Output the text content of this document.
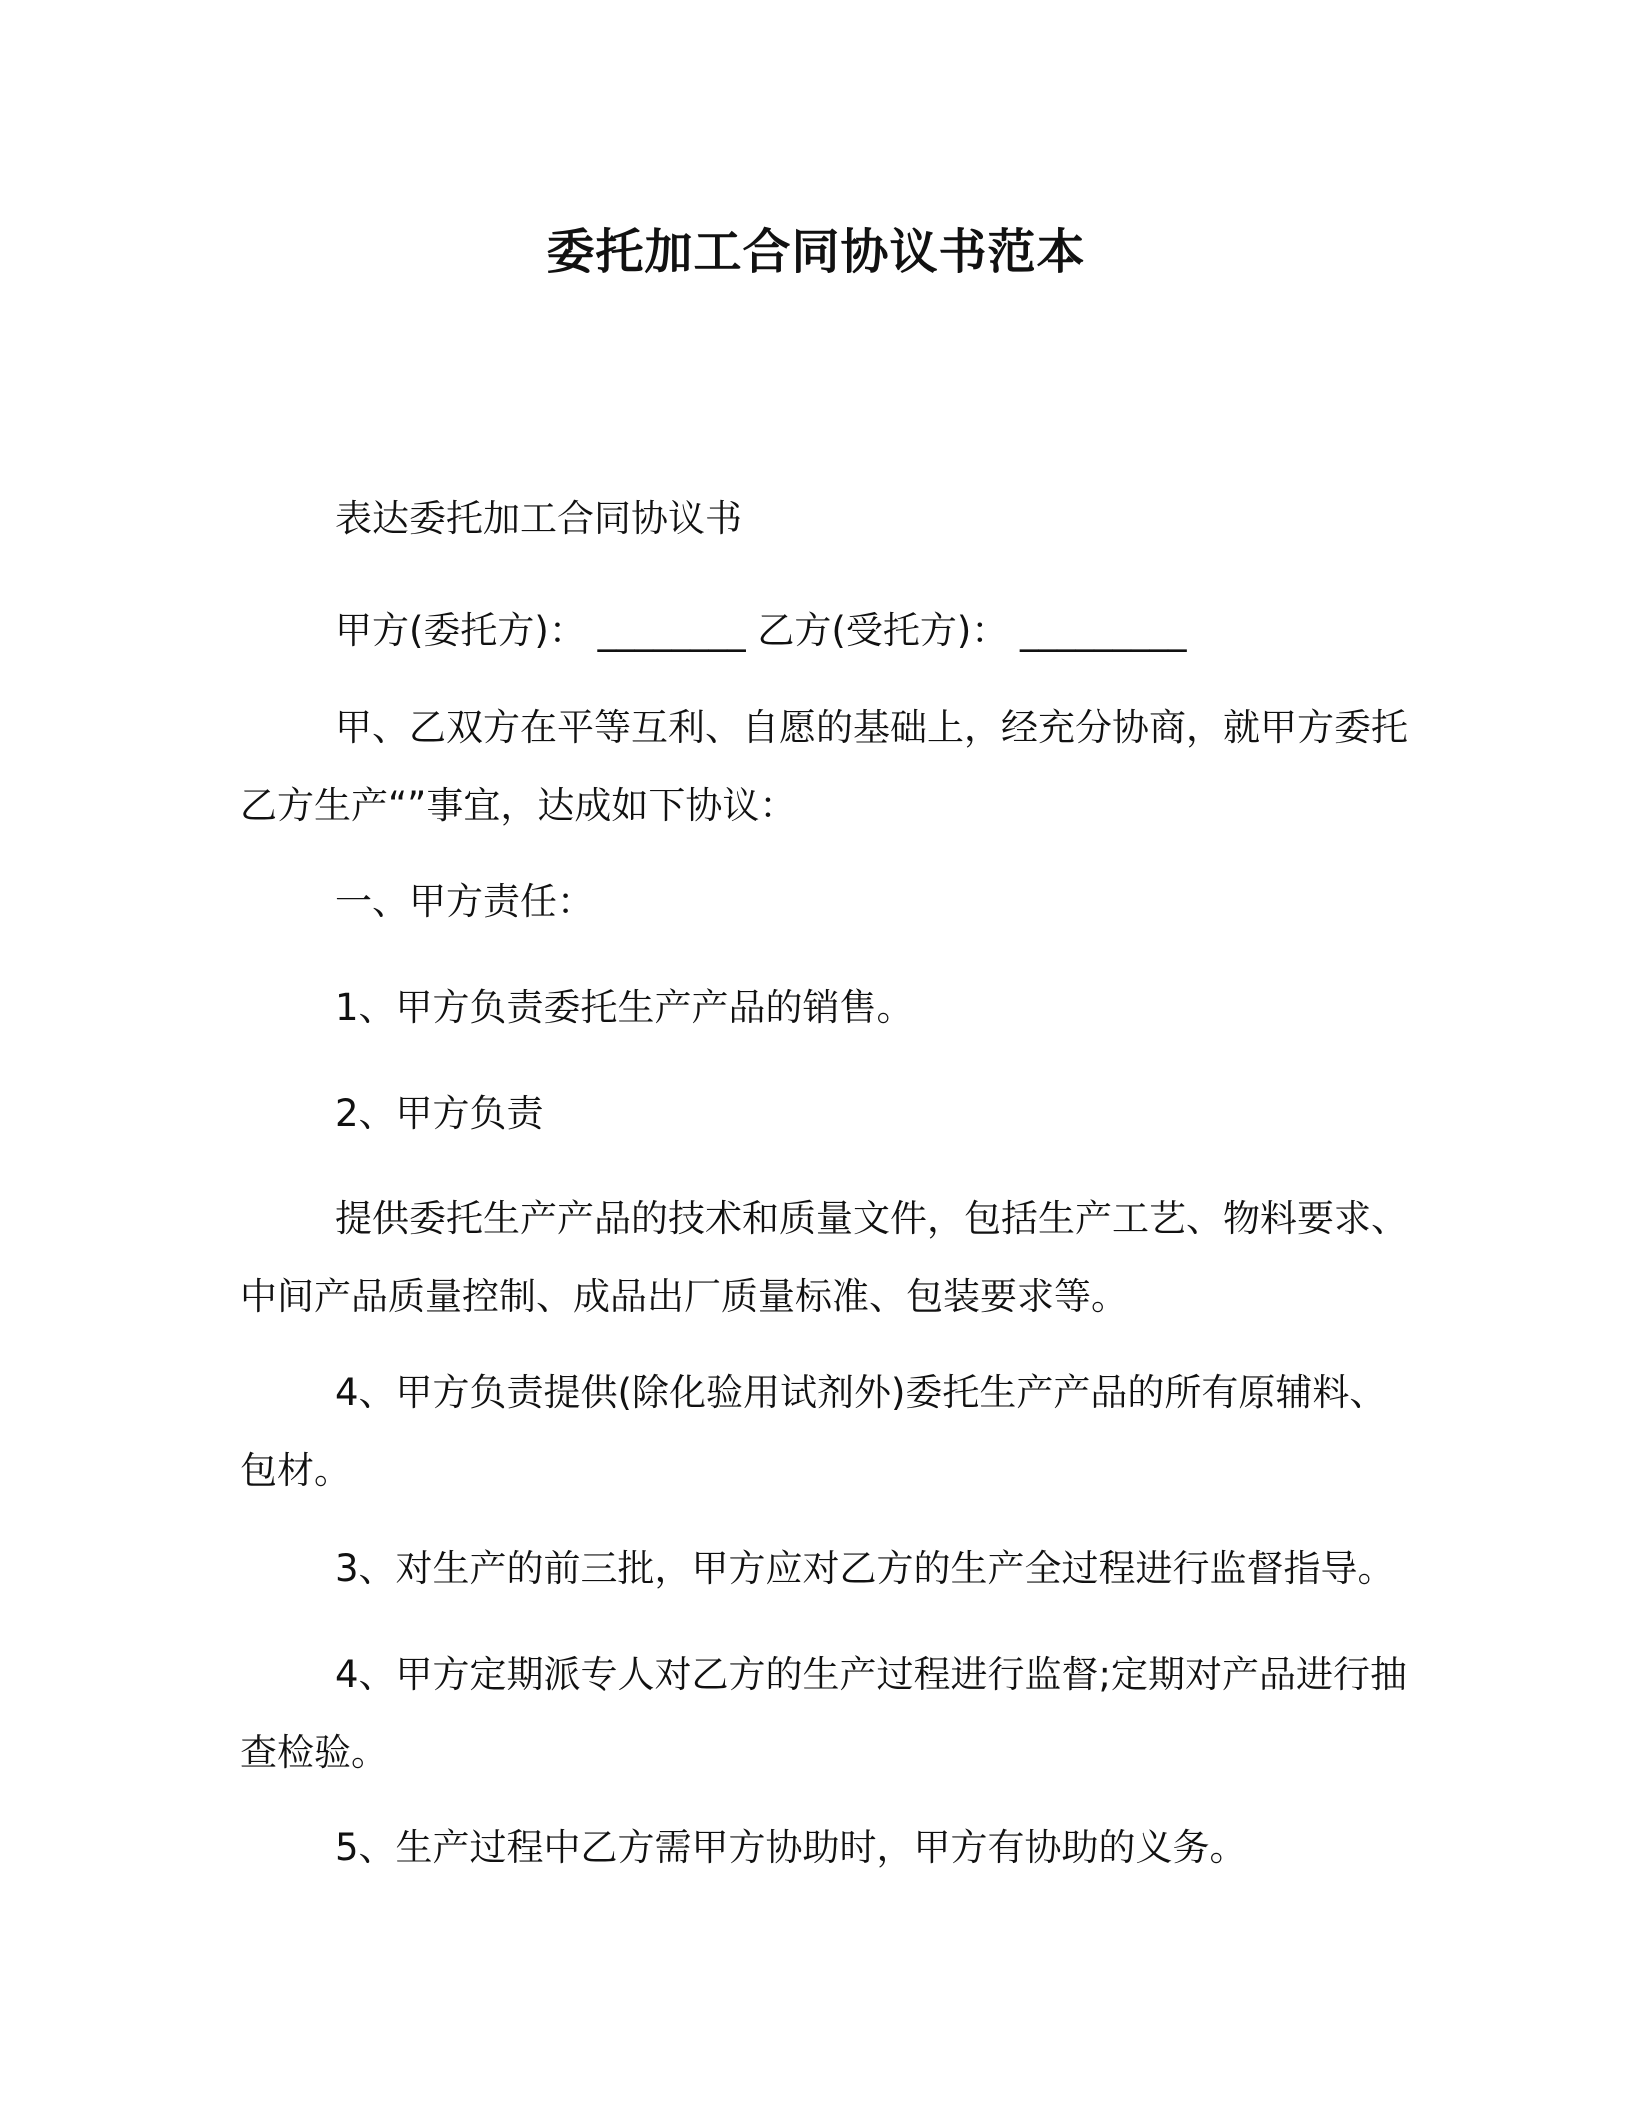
委托加工合同协议书范本

表达委托加工合同协议书

甲方(委托方)： ________ 乙方(受托方)： _________

甲、乙双方在平等互利、自愿的基础上，经充分协商，就甲方委托乙方生产“”事宜，达成如下协议：

一、甲方责任：

1、甲方负责委托生产产品的销售。

2、甲方负责

提供委托生产产品的技术和质量文件，包括生产工艺、物料要求、中间产品质量控制、成品出厂质量标准、包装要求等。

4、甲方负责提供(除化验用试剂外)委托生产产品的所有原辅料、包材。

3、对生产的前三批，甲方应对乙方的生产全过程进行监督指导。

4、甲方定期派专人对乙方的生产过程进行监督;定期对产品进行抽查检验。

5、生产过程中乙方需甲方协助时，甲方有协助的义务。
